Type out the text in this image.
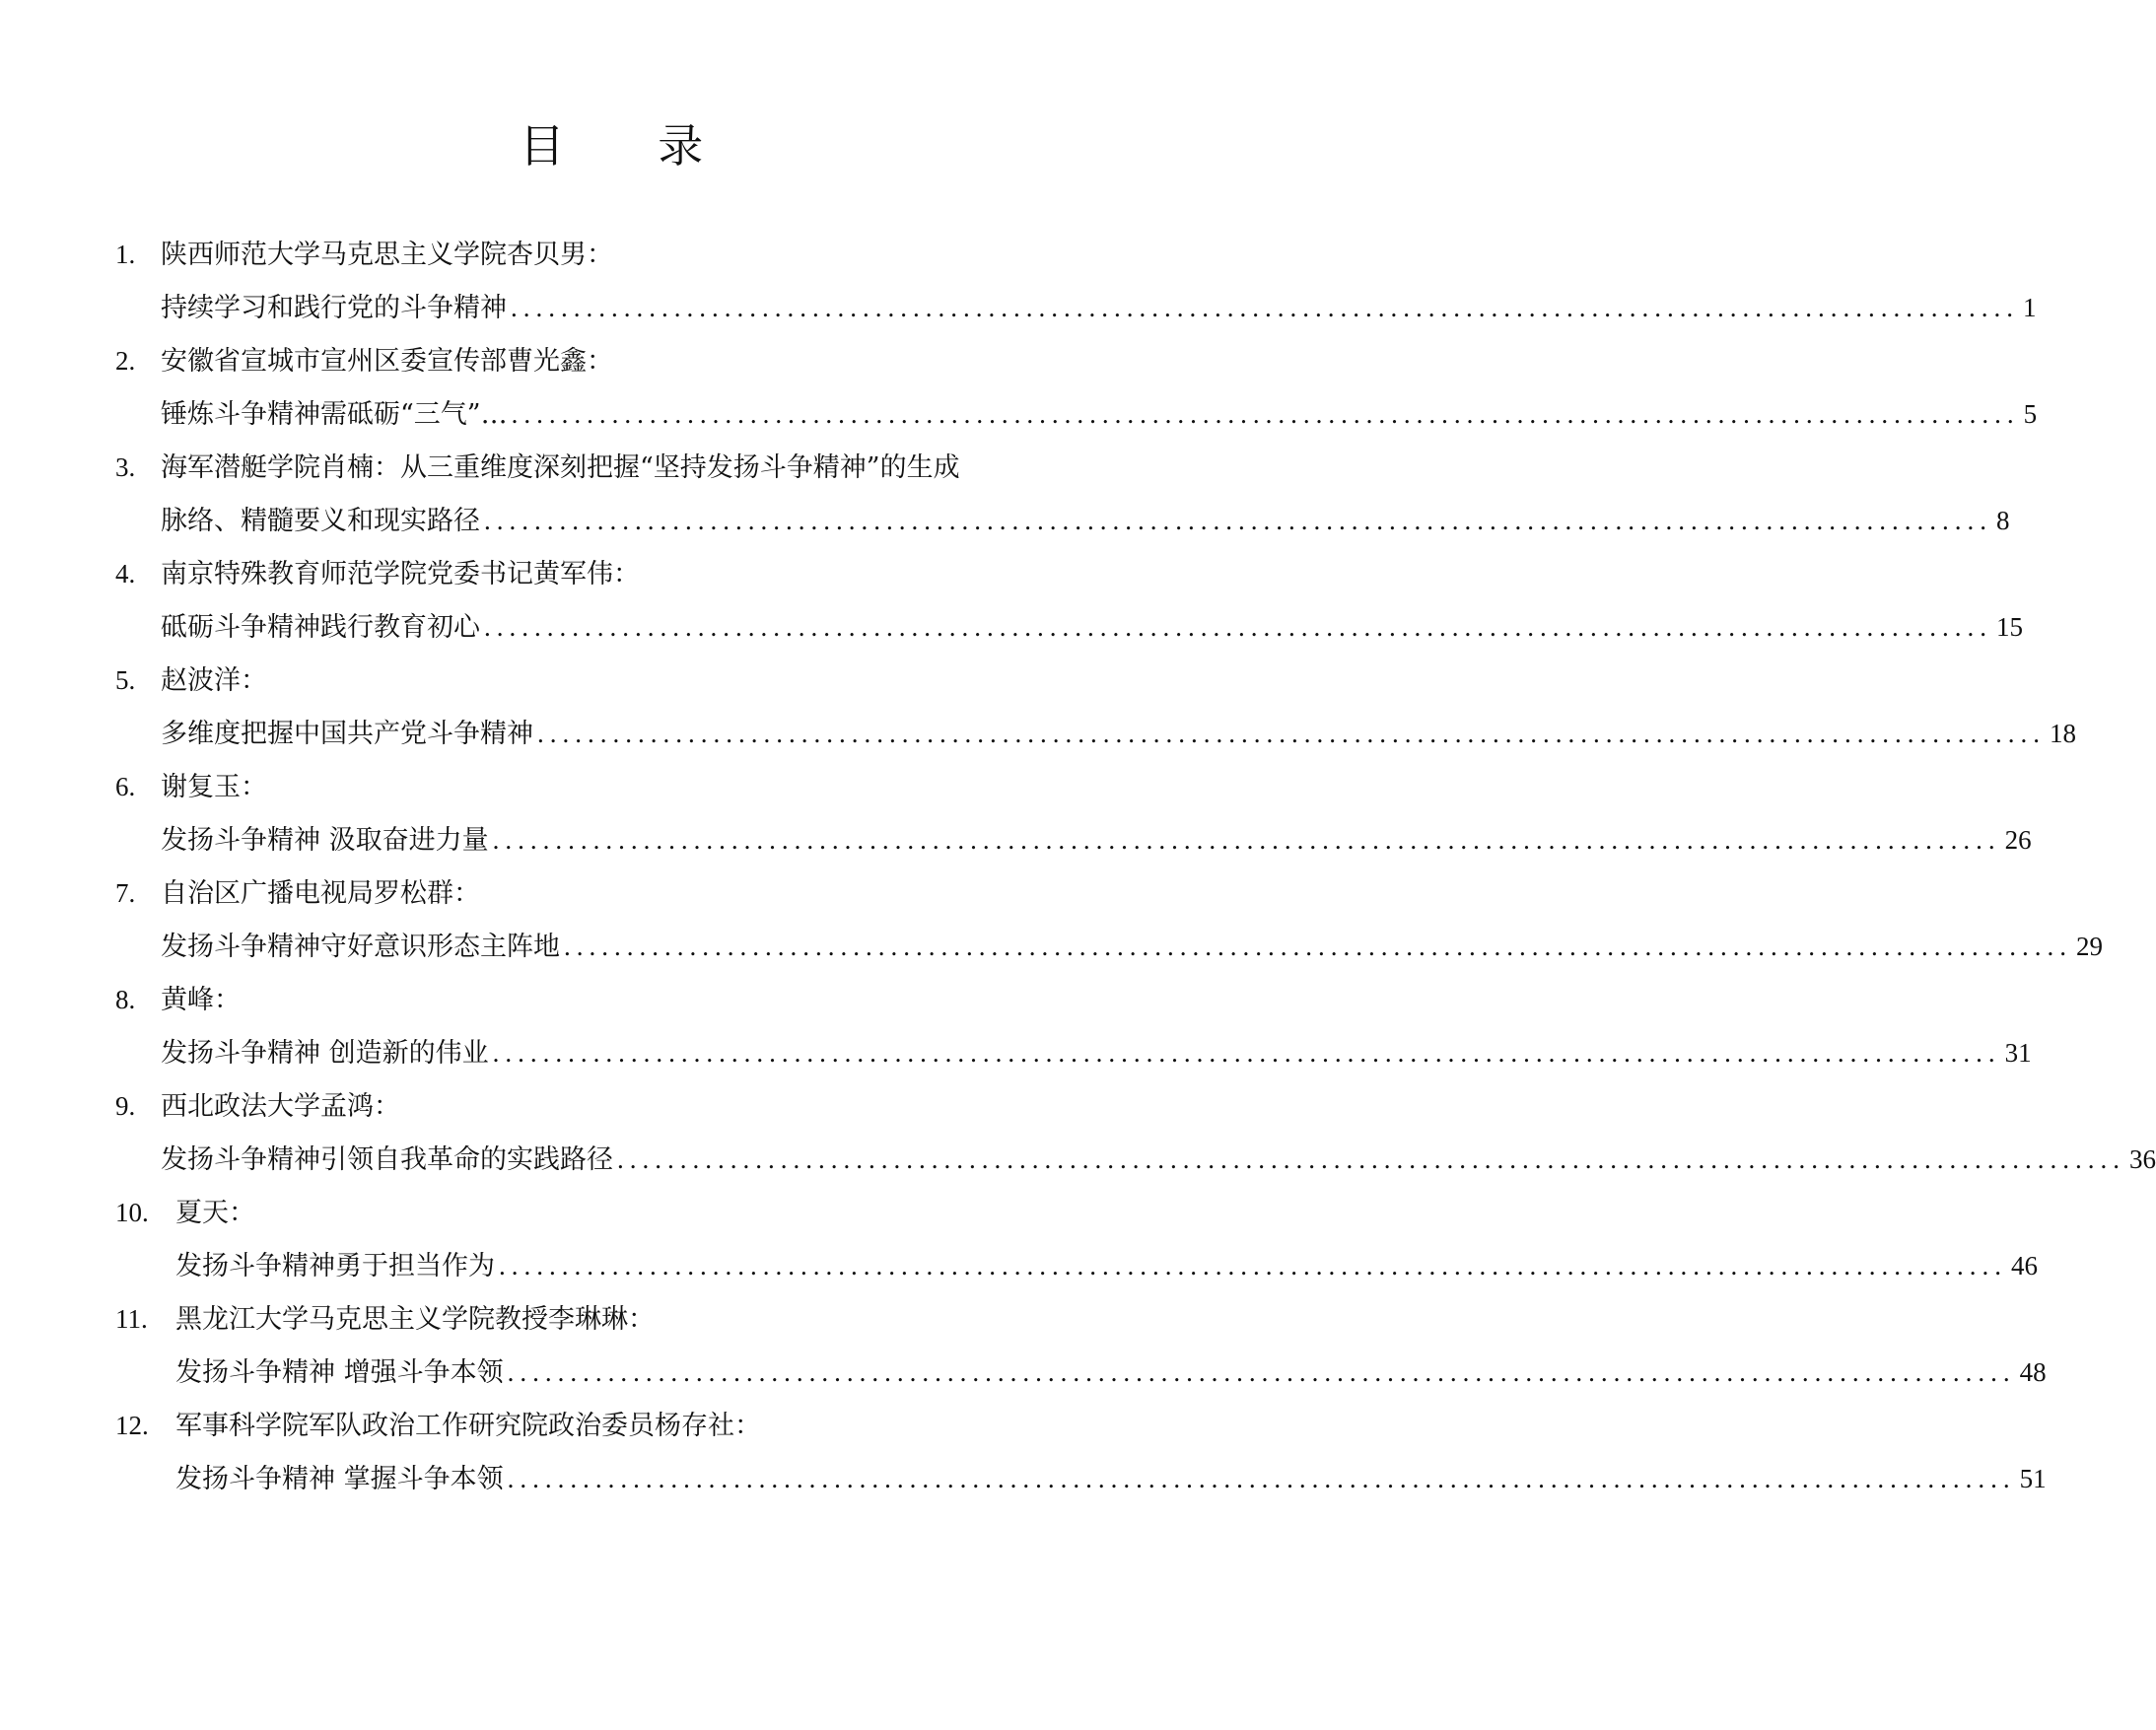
目 录
1. 陕西师范大学马克思主义学院杏贝男：
持续学习和践行党的斗争精神 ........................................................................................................................ 1
2. 安徽省宣城市宣州区委宣传部曹光鑫：
锤炼斗争精神需砥砺“三气”… ........................................................................................................................ 5
3. 海军潜艇学院肖楠：从三重维度深刻把握“坚持发扬斗争精神”的生成
脉络、精髓要义和现实路径 ........................................................................................................................ 8
4. 南京特殊教育师范学院党委书记黄军伟：
砥砺斗争精神践行教育初心 ........................................................................................................................ 15
5. 赵波洋：
多维度把握中国共产党斗争精神 ........................................................................................................................ 18
6. 谢复玉：
发扬斗争精神 汲取奋进力量 ........................................................................................................................ 26
7. 自治区广播电视局罗松群：
发扬斗争精神守好意识形态主阵地 ........................................................................................................................ 29
8. 黄峰：
发扬斗争精神 创造新的伟业 ........................................................................................................................ 31
9. 西北政法大学孟鸿：
发扬斗争精神引领自我革命的实践路径 ........................................................................................................................ 36
10. 夏天：
发扬斗争精神勇于担当作为 ........................................................................................................................ 46
11. 黑龙江大学马克思主义学院教授李琳琳：
发扬斗争精神 增强斗争本领 ........................................................................................................................ 48
12. 军事科学院军队政治工作研究院政治委员杨存社：
发扬斗争精神 掌握斗争本领 ........................................................................................................................ 51
